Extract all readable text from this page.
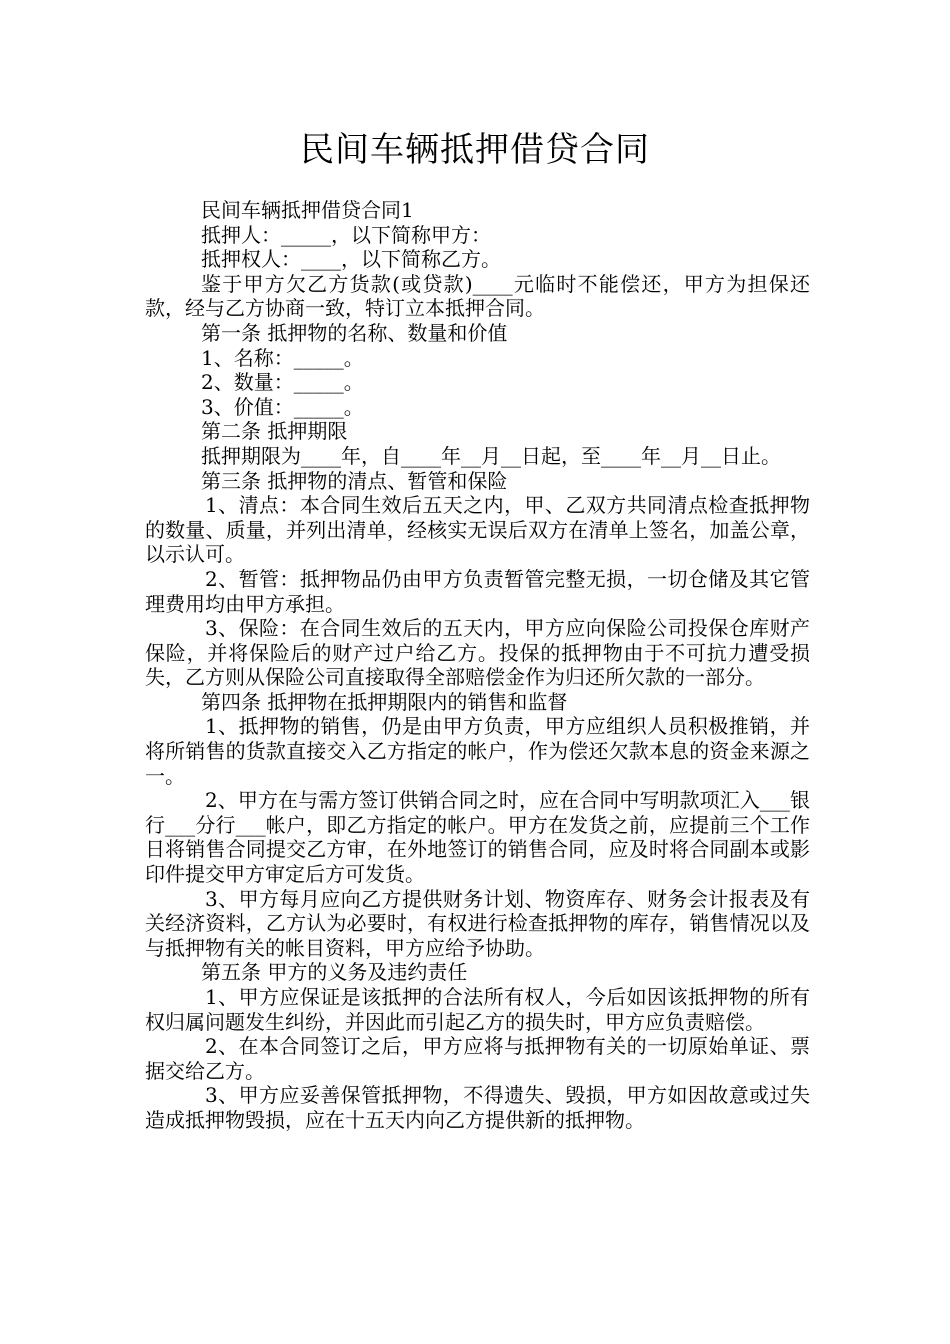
民间车辆抵押借贷合同

民间车辆抵押借贷合同1

抵押人：_____，以下简称甲方：

抵押权人：____，以下简称乙方。

鉴于甲方欠乙方货款(或贷款)____元临时不能偿还，甲方为担保还款，经与乙方协商一致，特订立本抵押合同。

第一条 抵押物的名称、数量和价值

1、名称：_____。

2、数量：_____。

3、价值：_____。

第二条 抵押期限

抵押期限为____年，自____年__月__日起，至____年__月__日止。

第三条 抵押物的清点、暂管和保险

1、清点：本合同生效后五天之内，甲、乙双方共同清点检查抵押物的数量、质量，并列出清单，经核实无误后双方在清单上签名，加盖公章，以示认可。

2、暂管：抵押物品仍由甲方负责暂管完整无损，一切仓储及其它管理费用均由甲方承担。

3、保险：在合同生效后的五天内，甲方应向保险公司投保仓库财产保险，并将保险后的财产过户给乙方。投保的抵押物由于不可抗力遭受损失，乙方则从保险公司直接取得全部赔偿金作为归还所欠款的一部分。

第四条 抵押物在抵押期限内的销售和监督

1、抵押物的销售，仍是由甲方负责，甲方应组织人员积极推销，并将所销售的货款直接交入乙方指定的帐户，作为偿还欠款本息的资金来源之一。

2、甲方在与需方签订供销合同之时，应在合同中写明款项汇入___银行___分行___帐户，即乙方指定的帐户。甲方在发货之前，应提前三个工作日将销售合同提交乙方审，在外地签订的销售合同，应及时将合同副本或影印件提交甲方审定后方可发货。

3、甲方每月应向乙方提供财务计划、物资库存、财务会计报表及有关经济资料，乙方认为必要时，有权进行检查抵押物的库存，销售情况以及与抵押物有关的帐目资料，甲方应给予协助。

第五条 甲方的义务及违约责任

1、甲方应保证是该抵押的合法所有权人，今后如因该抵押物的所有权归属问题发生纠纷，并因此而引起乙方的损失时，甲方应负责赔偿。

2、在本合同签订之后，甲方应将与抵押物有关的一切原始单证、票据交给乙方。

3、甲方应妥善保管抵押物，不得遗失、毁损，甲方如因故意或过失造成抵押物毁损，应在十五天内向乙方提供新的抵押物。
